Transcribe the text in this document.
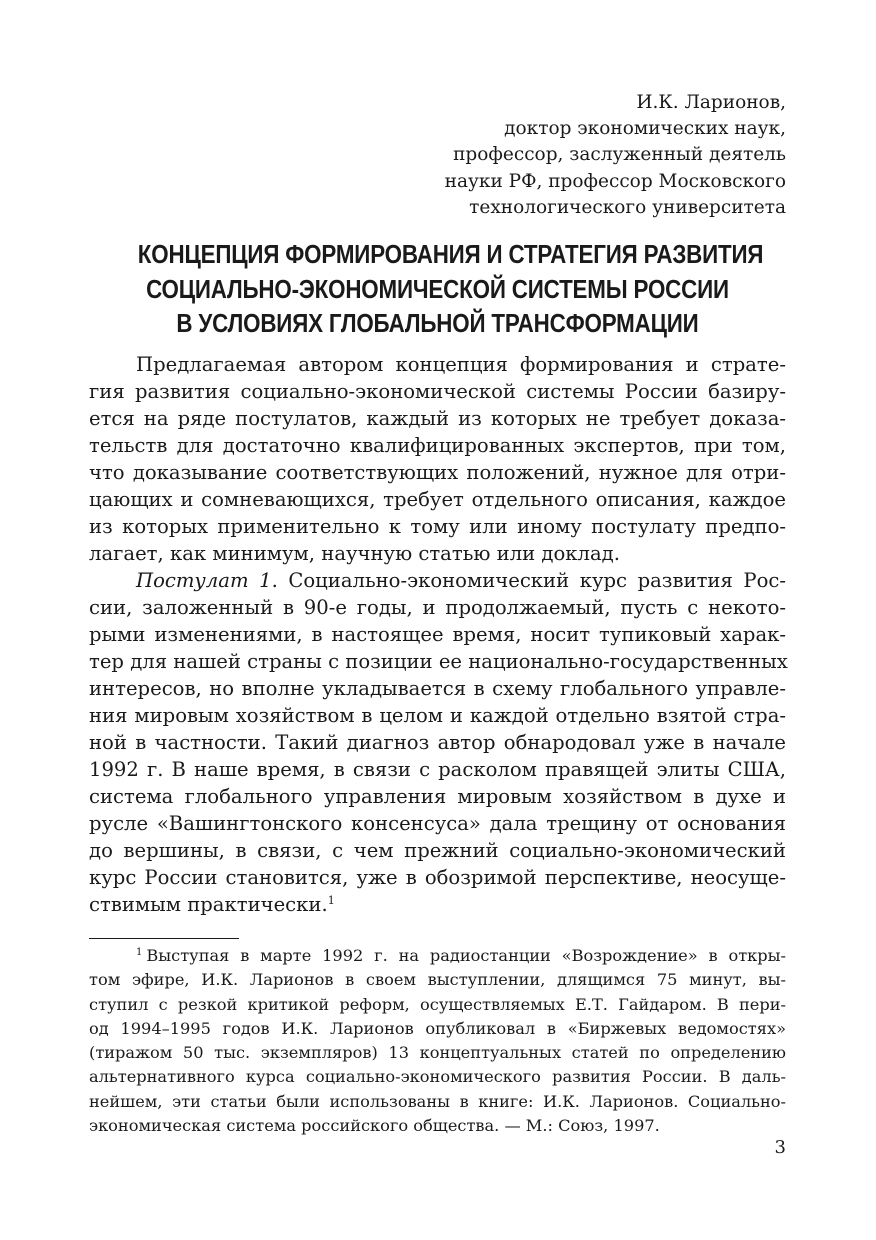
И.К. Ларионов,
доктор экономических наук,
профессор, заслуженный деятель
науки РФ, профессор Московского
технологического университета
КОНЦЕПЦИЯ ФОРМИРОВАНИЯ И СТРАТЕГИЯ РАЗВИТИЯ
СОЦИАЛЬНО-ЭКОНОМИЧЕСКОЙ СИСТЕМЫ РОССИИ
В УСЛОВИЯХ ГЛОБАЛЬНОЙ ТРАНСФОРМАЦИИ
Предлагаемая автором концепция формирования и страте-
гия развития социально-экономической системы России базиру-
ется на ряде постулатов, каждый из которых не требует доказа-
тельств для достаточно квалифицированных экспертов, при том,
что доказывание соответствующих положений, нужное для отри-
цающих и сомневающихся, требует отдельного описания, каждое
из которых применительно к тому или иному постулату предпо-
лагает, как минимум, научную статью или доклад.
Постулат 1. Социально-экономический курс развития Рос-
сии, заложенный в 90-е годы, и продолжаемый, пусть с некото-
рыми изменениями, в настоящее время, носит тупиковый харак-
тер для нашей страны с позиции ее национально-государственных
интересов, но вполне укладывается в схему глобального управле-
ния мировым хозяйством в целом и каждой отдельно взятой стра-
ной в частности. Такий диагноз автор обнародовал уже в начале
1992 г. В наше время, в связи с расколом правящей элиты США,
система глобального управления мировым хозяйством в духе и
русле «Вашингтонского консенсуса» дала трещину от основания
до вершины, в связи, с чем прежний социально-экономический
курс России становится, уже в обозримой перспективе, неосуще-
ствимым практически.$^1$
$^1$ Выступая в марте 1992 г. на радиостанции «Возрождение» в откры-
том эфире, И.К. Ларионов в своем выступлении, длящимся 75 минут, вы-
ступил с резкой критикой реформ, осуществляемых Е.Т. Гайдаром. В пери-
од 1994–1995 годов И.К. Ларионов опубликовал в «Биржевых ведомостях»
(тиражом 50 тыс. экземпляров) 13 концептуальных статей по определению
альтернативного курса социально-экономического развития России. В даль-
нейшем, эти статьи были использованы в книге: И.К. Ларионов. Социально-
экономическая система российского общества. — М.: Союз, 1997.
3
